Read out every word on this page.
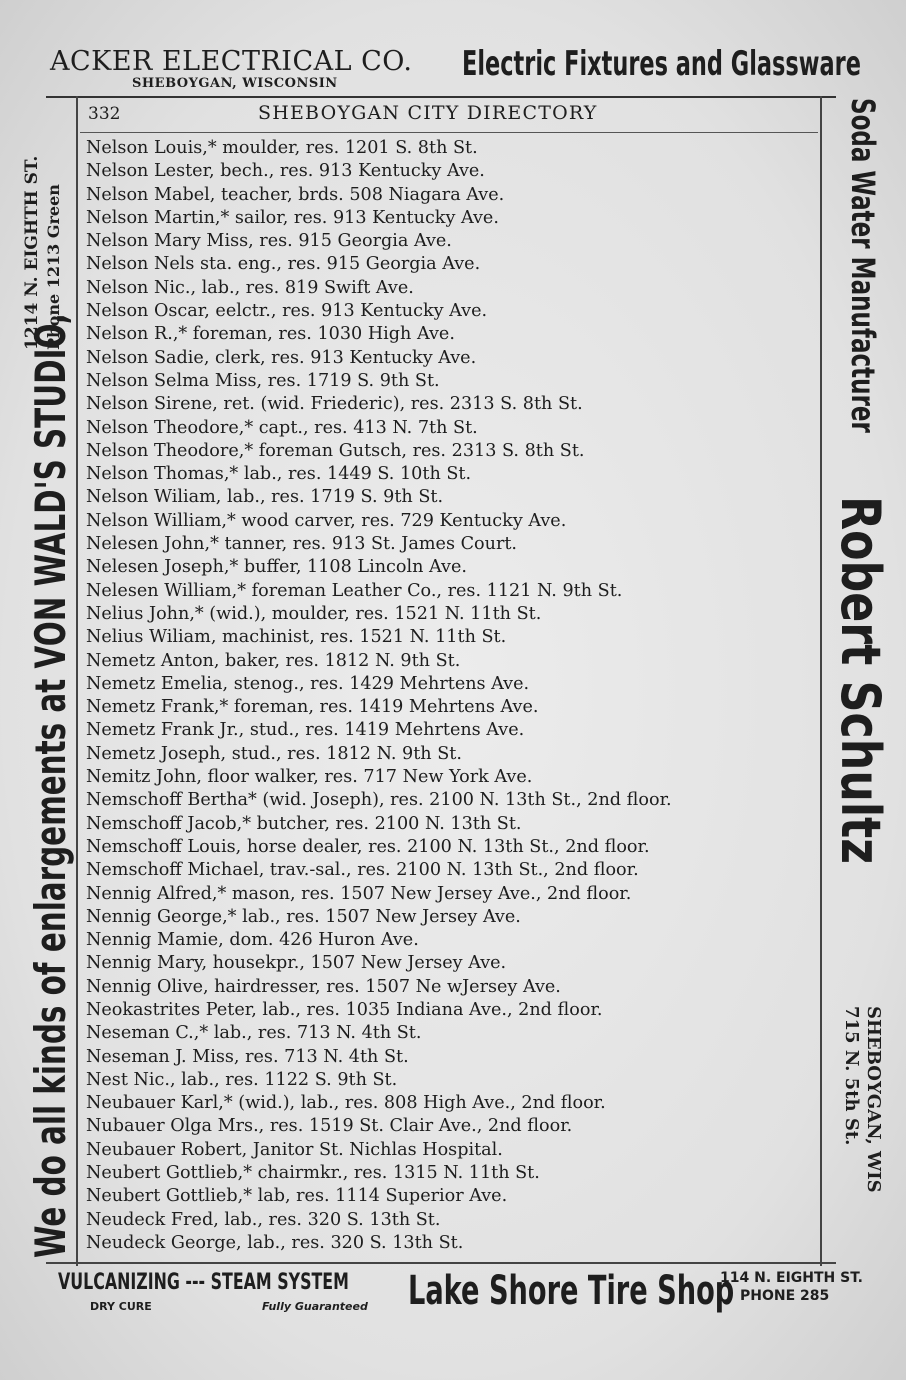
ACKER ELECTRICAL CO.
SHEBOYGAN, WISCONSIN	Electric Fixtures and Glassware
332	SHEBOYGAN CITY DIRECTORY
Nelson Louis,* moulder, res. 1201 S. 8th St.
Nelson Lester, bech., res. 913 Kentucky Ave.
Nelson Mabel, teacher, brds. 508 Niagara Ave.
Nelson Martin,* sailor, res. 913 Kentucky Ave.
Nelson Mary Miss, res. 915 Georgia Ave.
Nelson Nels sta. eng., res. 915 Georgia Ave.
Nelson Nic., lab., res. 819 Swift Ave.
Nelson Oscar, eelctr., res. 913 Kentucky Ave.
Nelson R.,* foreman, res. 1030 High Ave.
Nelson Sadie, clerk, res. 913 Kentucky Ave.
Nelson Selma Miss, res. 1719 S. 9th St.
Nelson Sirene, ret. (wid. Friederic), res. 2313 S. 8th St.
Nelson Theodore,* capt., res. 413 N. 7th St.
Nelson Theodore,* foreman Gutsch, res. 2313 S. 8th St.
Nelson Thomas,* lab., res. 1449 S. 10th St.
Nelson Wiliam, lab., res. 1719 S. 9th St.
Nelson William,* wood carver, res. 729 Kentucky Ave.
Nelesen John,* tanner, res. 913 St. James Court.
Nelesen Joseph,* buffer, 1108 Lincoln Ave.
Nelesen William,* foreman Leather Co., res. 1121 N. 9th St.
Nelius John,* (wid.), moulder, res. 1521 N. 11th St.
Nelius Wiliam, machinist, res. 1521 N. 11th St.
Nemetz Anton, baker, res. 1812 N. 9th St.
Nemetz Emelia, stenog., res. 1429 Mehrtens Ave.
Nemetz Frank,* foreman, res. 1419 Mehrtens Ave.
Nemetz Frank Jr., stud., res. 1419 Mehrtens Ave.
Nemetz Joseph, stud., res. 1812 N. 9th St.
Nemitz John, floor walker, res. 717 New York Ave.
Nemschoff Bertha* (wid. Joseph), res. 2100 N. 13th St., 2nd floor.
Nemschoff Jacob,* butcher, res. 2100 N. 13th St.
Nemschoff Louis, horse dealer, res. 2100 N. 13th St., 2nd floor.
Nemschoff Michael, trav.-sal., res. 2100 N. 13th St., 2nd floor.
Nennig Alfred,* mason, res. 1507 New Jersey Ave., 2nd floor.
Nennig George,* lab., res. 1507 New Jersey Ave.
Nennig Mamie, dom. 426 Huron Ave.
Nennig Mary, housekpr., 1507 New Jersey Ave.
Nennig Olive, hairdresser, res. 1507 Ne wJersey Ave.
Neokastrites Peter, lab., res. 1035 Indiana Ave., 2nd floor.
Neseman C.,* lab., res. 713 N. 4th St.
Neseman J. Miss, res. 713 N. 4th St.
Nest Nic., lab., res. 1122 S. 9th St.
Neubauer Karl,* (wid.), lab., res. 808 High Ave., 2nd floor.
Nubauer Olga Mrs., res. 1519 St. Clair Ave., 2nd floor.
Neubauer Robert, Janitor St. Nichlas Hospital.
Neubert Gottlieb,* chairmkr., res. 1315 N. 11th St.
Neubert Gottlieb,* lab, res. 1114 Superior Ave.
Neudeck Fred, lab., res. 320 S. 13th St.
Neudeck George, lab., res. 320 S. 13th St.
We do all kinds of enlargements at VON WALD'S STUDIO,
1214 N. EIGHTH ST. Phone 1213 Green	Soda Water Manufacturer
Robert Schultz
SHEBOYGAN, WIS
715 N. 5th St.
VULCANIZING --- STEAM SYSTEM
DRY CURE	Fully Guaranteed Lake Shore Tire Shop
114 N. EIGHTH ST.
PHONE 285
